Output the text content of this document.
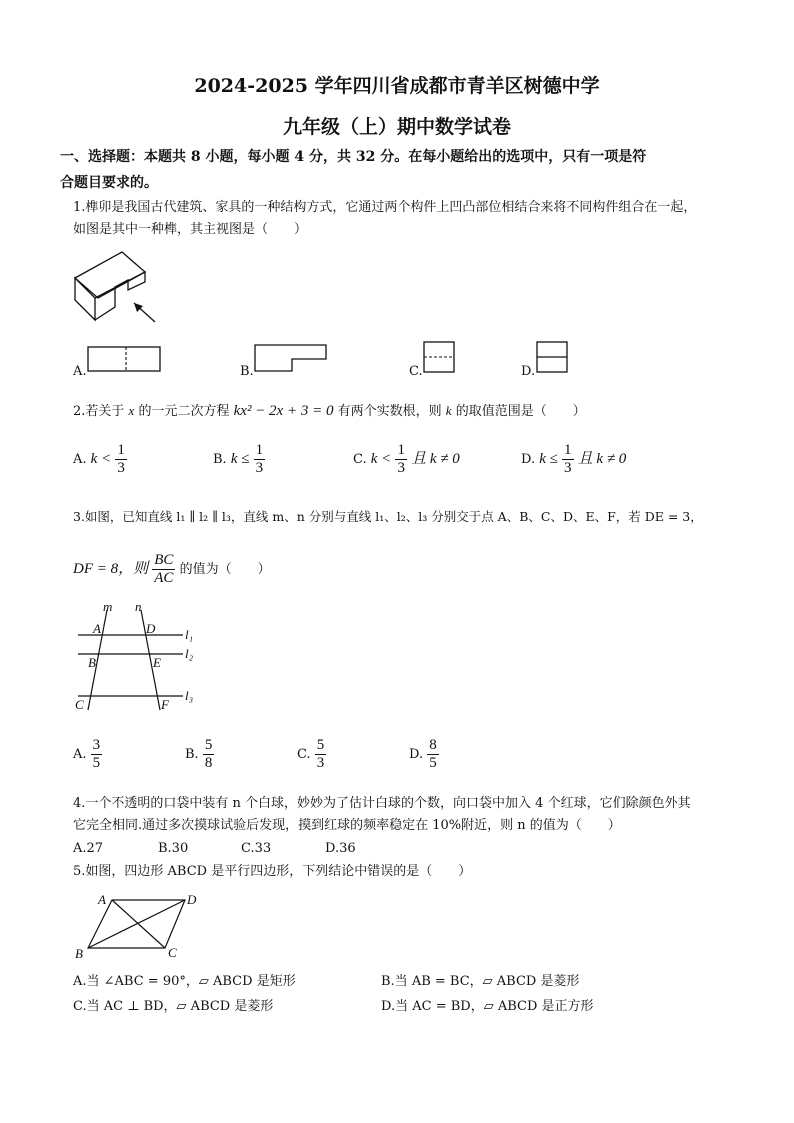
2024-2025 学年四川省成都市青羊区树德中学
九年级（上）期中数学试卷
一、选择题：本题共 8 小题，每小题 4 分，共 32 分。在每小题给出的选项中，只有一项是符
合题目要求的。
1.榫卯是我国古代建筑、家具的一种结构方式，它通过两个构件上凹凸部位相结合来将不同构件组合在一起，
如图是其中一种榫，其主视图是（　　）
A.	B.	C.	D.
2.若关于 x 的一元二次方程 kx² − 2x + 3 = 0 有两个实数根，则 k 的取值范围是（　　）
A. $k < \frac{1}{3}$	B. $k \le \frac{1}{3}$	C. $k < \frac{1}{3}$ 且 k ≠ 0	D. $k \le \frac{1}{3}$ 且 k ≠ 0
3.如图，已知直线 l₁ ∥ l₂ ∥ l₃，直线 m、n 分别与直线 l₁、l₂、l₃ 分别交于点 A、B、C、D、E、F，若 DE = 3，
DF = 8，则 $\frac{BC}{AC}$ 的值为（　　）
m n
A	D
B	E
C	F
l₁
l₂
l₃
A. $\frac{3}{5}$	B. $\frac{5}{8}$	C. $\frac{5}{3}$	D. $\frac{8}{5}$
4.一个不透明的口袋中装有 n 个白球，妙妙为了估计白球的个数，向口袋中加入 4 个红球，它们除颜色外其
它完全相同.通过多次摸球试验后发现，摸到红球的频率稳定在 10%附近，则 n 的值为（　　）
A.27	B.30	C.33	D.36
5.如图，四边形 ABCD 是平行四边形，下列结论中错误的是（　　）
A	D
B	C
A.当 ∠ABC = 90°，▱ ABCD 是矩形	B.当 AB = BC，▱ ABCD 是菱形
C.当 AC ⊥ BD，▱ ABCD 是菱形	D.当 AC = BD，▱ ABCD 是正方形
